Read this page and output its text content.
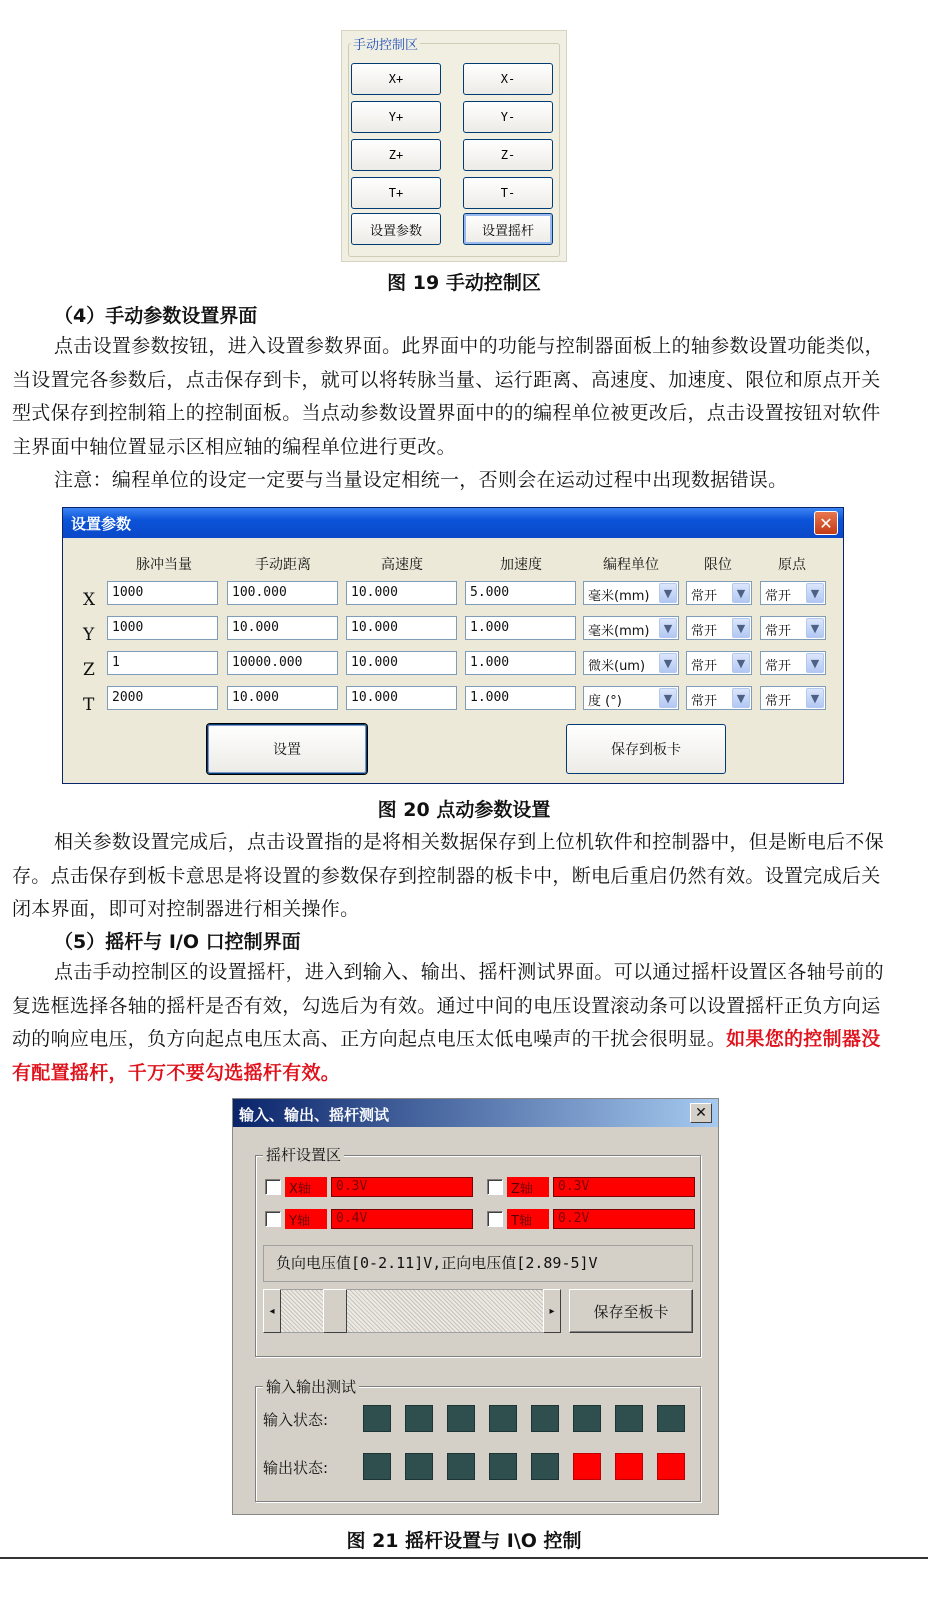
手动控制区
X+	X-
Y+	Y-
Z+	Z-
T+	T-
设置参数	设置摇杆
图 19 手动控制区
（4）手动参数设置界面
点击设置参数按钮，进入设置参数界面。此界面中的功能与控制器面板上的轴参数设置功能类似，当设置完各参数后，点击保存到卡，就可以将转脉当量、运行距离、高速度、加速度、限位和原点开关型式保存到控制箱上的控制面板。当点动参数设置界面中的的编程单位被更改后，点击设置按钮对软件主界面中轴位置显示区相应轴的编程单位进行更改。
注意：编程单位的设定一定要与当量设定相统一，否则会在运动过程中出现数据错误。
设置参数	✕
脉冲当量	手动距离	高速度	加速度	编程单位	限位	原点
X	1000	100.000	10.000	5.000	毫米(mm)	▼	常开	▼	常开	▼
Y	1000	10.000	10.000	1.000	毫米(mm)	▼	常开	▼	常开	▼
Z	1	10000.000	10.000	1.000	微米(um)	▼	常开	▼	常开	▼
T	2000	10.000	10.000	1.000	度 (°)	▼	常开	▼	常开	▼
设置	保存到板卡
图 20 点动参数设置
相关参数设置完成后，点击设置指的是将相关数据保存到上位机软件和控制器中，但是断电后不保存。点击保存到板卡意思是将设置的参数保存到控制器的板卡中，断电后重启仍然有效。设置完成后关闭本界面，即可对控制器进行相关操作。
（5）摇杆与 I/O 口控制界面
点击手动控制区的设置摇杆，进入到输入、输出、摇杆测试界面。可以通过摇杆设置区各轴号前的复选框选择各轴的摇杆是否有效，勾选后为有效。通过中间的电压设置滚动条可以设置摇杆正负方向运动的响应电压，负方向起点电压太高、正方向起点电压太低电噪声的干扰会很明显。如果您的控制器没有配置摇杆，千万不要勾选摇杆有效。
输入、输出、摇杆测试	✕
摇杆设置区
X轴	0.3V	Z轴	0.3V
Y轴	0.4V	T轴	0.2V
负向电压值[0-2.11]V,正向电压值[2.89-5]V
◂	▸	保存至板卡
输入输出测试
输入状态:
输出状态:
图 21 摇杆设置与 I\O 控制
